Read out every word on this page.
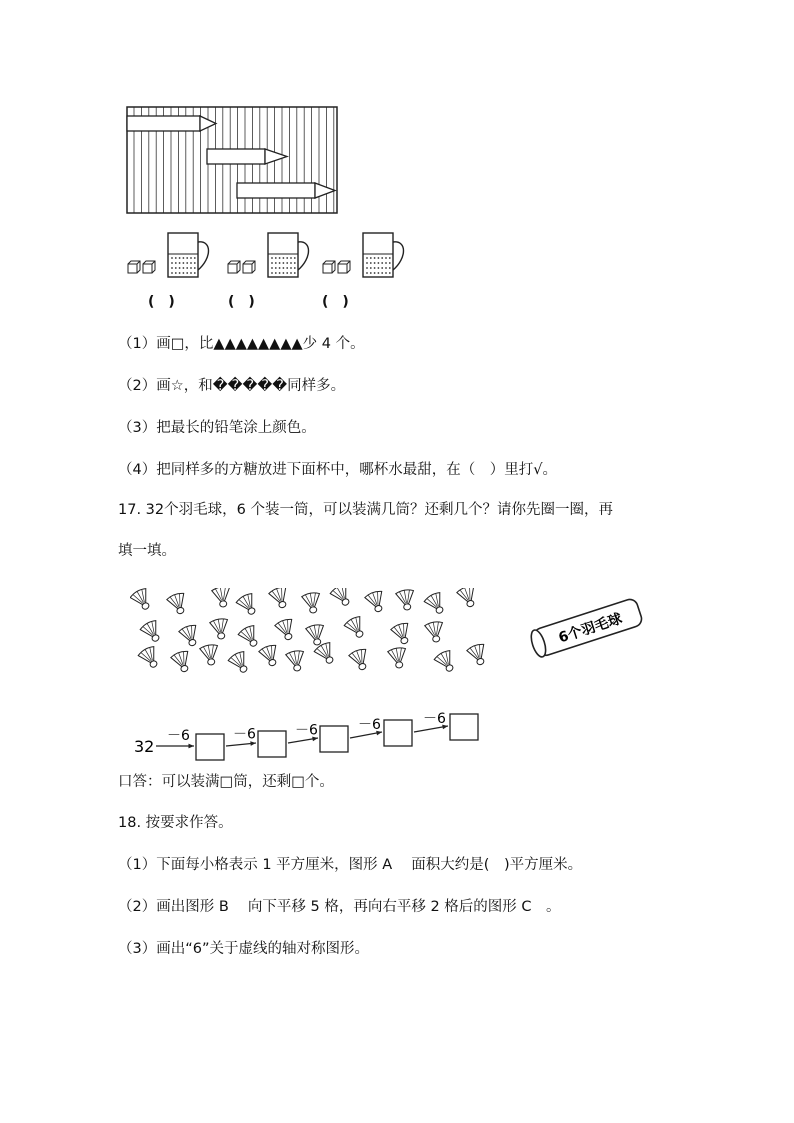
(　)	(　)	(　)
（1）画□，比▲▲▲▲▲▲▲▲少 4 个。
（2）画☆，和�����同样多。
（3）把最长的铅笔涂上颜色。
（4）把同样多的方糖放进下面杯中，哪杯水最甜，在（　）里打√。
17. 32个羽毛球，6 个装一筒，可以装满几筒？还剩几个？请你先圈一圈，再
填一填。
6个羽毛球
32
－6	－6	－6	－6	－6
口答：可以装满□筒，还剩□个。
18. 按要求作答。
（1）下面每小格表示 1 平方厘米，图形 A　 面积大约是(　)平方厘米。
（2）画出图形 B　 向下平移 5 格，再向右平移 2 格后的图形 C　。
（3）画出“6”关于虚线的轴对称图形。
